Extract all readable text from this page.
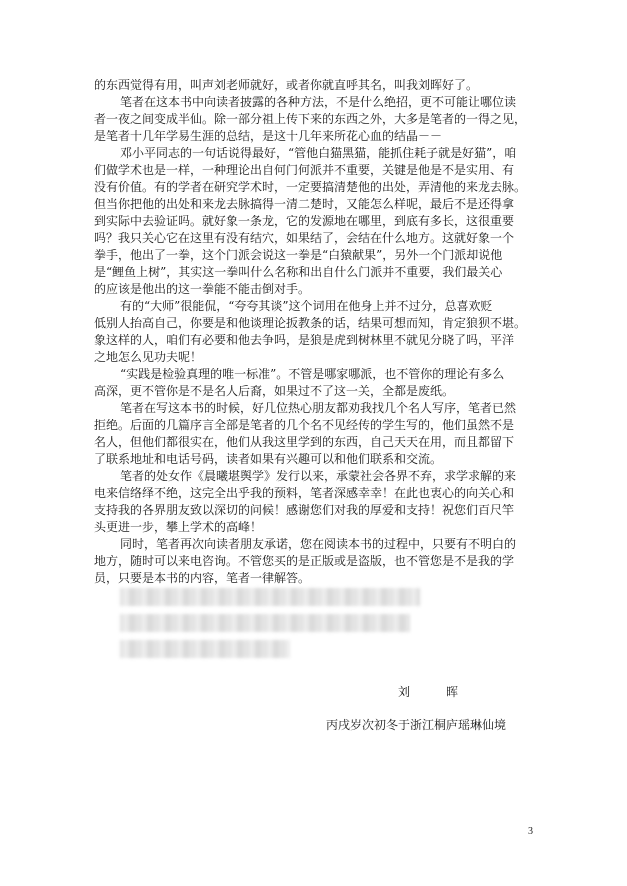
的东西觉得有用，叫声刘老师就好，或者你就直呼其名，叫我刘晖好了。
笔者在这本书中向读者披露的各种方法，不是什么绝招，更不可能让哪位读
者一夜之间变成半仙。除一部分祖上传下来的东西之外，大多是笔者的一得之见，
是笔者十几年学易生涯的总结，是这十几年来所花心血的结晶－－
邓小平同志的一句话说得最好，“管他白猫黑猫，能抓住耗子就是好猫”，咱
们做学术也是一样，一种理论出自何门何派并不重要，关键是他是不是实用、有
没有价值。有的学者在研究学术时，一定要搞清楚他的出处，弄清他的来龙去脉。
但当你把他的出处和来龙去脉搞得一清二楚时，又能怎么样呢，最后不是还得拿
到实际中去验证吗。就好象一条龙，它的发源地在哪里，到底有多长，这很重要
吗？我只关心它在这里有没有结穴，如果结了，会结在什么地方。这就好象一个
拳手，他出了一拳，这个门派会说这一拳是“白猿献果”，另外一个门派却说他
是“鲤鱼上树”，其实这一拳叫什么名称和出自什么门派并不重要，我们最关心
的应该是他出的这一拳能不能击倒对手。
有的“大师”很能侃，“夸夸其谈”这个词用在他身上并不过分，总喜欢贬
低别人抬高自己，你要是和他谈理论扳教条的话，结果可想而知，肯定狼狈不堪。
象这样的人，咱们有必要和他去争吗，是狼是虎到树林里不就见分晓了吗，平洋
之地怎么见功夫呢！
“实践是检验真理的唯一标准”。不管是哪家哪派，也不管你的理论有多么
高深，更不管你是不是名人后裔，如果过不了这一关，全都是废纸。
笔者在写这本书的时候，好几位热心朋友都劝我找几个名人写序，笔者已然
拒绝。后面的几篇序言全部是笔者的几个名不见经传的学生写的，他们虽然不是
名人，但他们都很实在，他们从我这里学到的东西，自己天天在用，而且都留下
了联系地址和电话号码，读者如果有兴趣可以和他们联系和交流。
笔者的处女作《晨曦堪舆学》发行以来，承蒙社会各界不弃，求学求解的来
电来信络绎不绝，这完全出乎我的预料，笔者深感幸幸！在此也衷心的向关心和
支持我的各界朋友致以深切的问候！感谢您们对我的厚爱和支持！祝您们百尺竿
头更进一步，攀上学术的高峰！
同时，笔者再次向读者朋友承诺，您在阅读本书的过程中，只要有不明白的
地方，随时可以来电咨询。不管您买的是正版或是盗版，也不管您是不是我的学
员，只要是本书的内容，笔者一律解答。
刘　晖
丙戌岁次初冬于浙江桐庐瑶琳仙境
3
